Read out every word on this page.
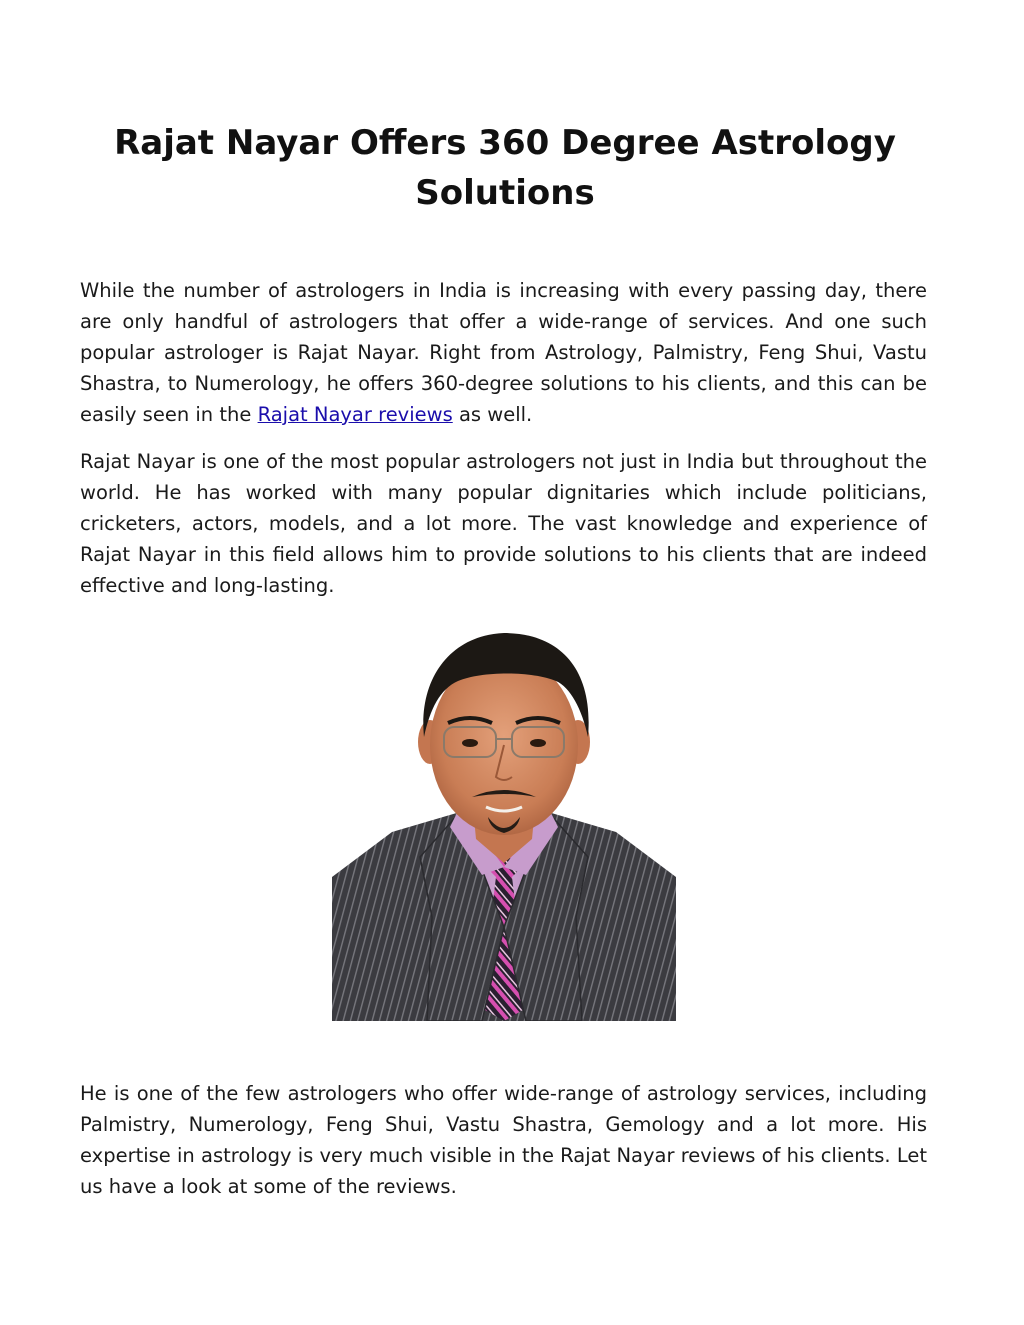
Rajat Nayar Offers 360 Degree Astrology Solutions

While the number of astrologers in India is increasing with every passing day, there are only handful of astrologers that offer a wide-range of services. And one such popular astrologer is Rajat Nayar. Right from Astrology, Palmistry, Feng Shui, Vastu Shastra, to Numerology, he offers 360-degree solutions to his clients, and this can be easily seen in the Rajat Nayar reviews as well.

Rajat Nayar is one of the most popular astrologers not just in India but throughout the world. He has worked with many popular dignitaries which include politicians, cricketers, actors, models, and a lot more. The vast knowledge and experience of Rajat Nayar in this field allows him to provide solutions to his clients that are indeed effective and long-lasting.

He is one of the few astrologers who offer wide-range of astrology services, including Palmistry, Numerology, Feng Shui, Vastu Shastra, Gemology and a lot more. His expertise in astrology is very much visible in the Rajat Nayar reviews of his clients. Let us have a look at some of the reviews.
